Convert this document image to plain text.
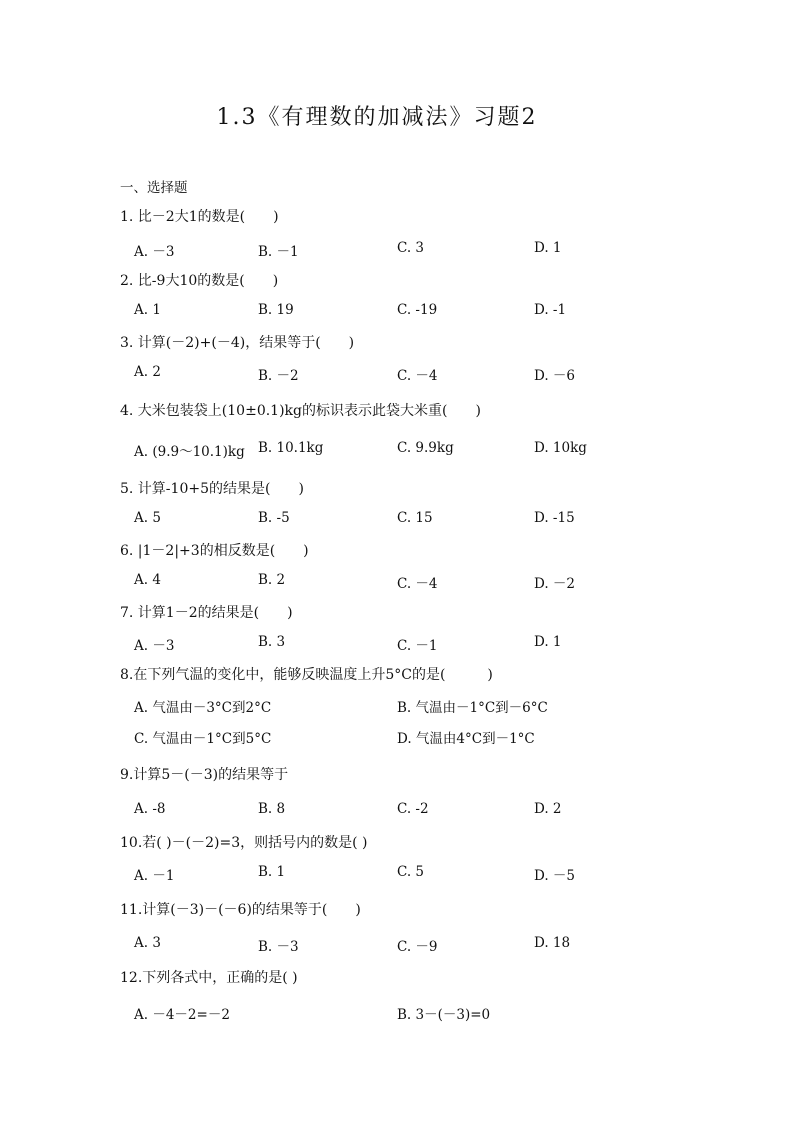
1.3《有理数的加减法》习题2
一、选择题
1. 比－2大1的数是(　　)
A. －3	B. －1	C. 3	D. 1
2. 比-9大10的数是(　　)
A. 1	B. 19	C. -19	D. -1
3. 计算(－2)+(－4)，结果等于(　　)
A. 2	B. －2	C. －4	D. －6
4. 大米包装袋上(10±0.1)kg的标识表示此袋大米重(　　)
A. (9.9～10.1)kg B. 10.1kg	C. 9.9kg	D. 10kg
5. 计算-10+5的结果是(　　)
A. 5	B. -5	C. 15	D. -15
6. |1－2|+3的相反数是(　　)
A. 4	B. 2	C. －4	D. －2
7. 计算1－2的结果是(　　)
A. －3	B. 3	C. －1	D. 1
8.在下列气温的变化中，能够反映温度上升5°C的是(　　　)
A. 气温由－3°C到2°C	B. 气温由－1°C到－6°C
C. 气温由－1°C到5°C	D. 气温由4°C到－1°C
9.计算5－(－3)的结果等于
A. -8	B. 8	C. -2	D. 2
10.若( )－(－2)=3，则括号内的数是( )
A. －1	B. 1	C. 5	D. －5
11.计算(－3)－(－6)的结果等于(　　)
A. 3	B. －3	C. －9	D. 18
12.下列各式中，正确的是( )
A. －4－2=－2	B. 3－(－3)=0
